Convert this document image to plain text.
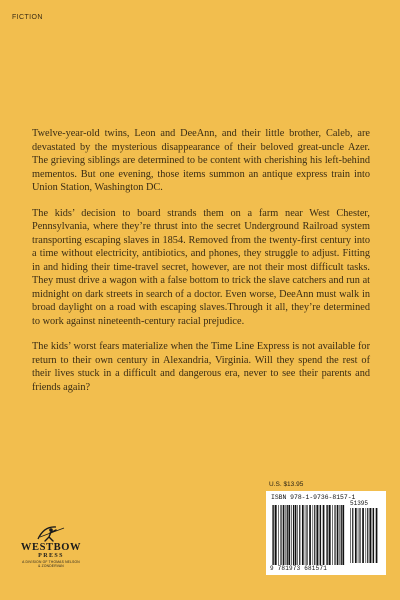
FICTION

Twelve-year-old twins, Leon and DeeAnn, and their little brother, Caleb, are devastated by the mysterious disappearance of their beloved great-uncle Azer. The grieving siblings are determined to be content with cherishing his left-behind mementos. But one evening, those items summon an antique express train into Union Station, Washington DC.

The kids’ decision to board strands them on a farm near West Chester, Pennsylvania, where they’re thrust into the secret Underground Railroad system transporting escaping slaves in 1854. Removed from the twenty-first century into a time without electricity, antibiotics, and phones, they struggle to adjust. Fitting in and hiding their time-travel secret, however, are not their most difficult tasks. They must drive a wagon with a false bottom to trick the slave catchers and run at midnight on dark streets in search of a doctor. Even worse, DeeAnn must walk in broad daylight on a road with escaping slaves.Through it all, they’re determined to work against nineteenth-century racial prejudice.

The kids’ worst fears materialize when the Time Line Express is not available for return to their own century in Alexandria, Virginia. Will they spend the rest of their lives stuck in a difficult and dangerous era, never to see their parents and friends again?

U.S. $13.95
ISBN 978-1-9736-8157-1
51395
9 781973 681571
WESTBOW
PRESS
A DIVISION OF THOMAS NELSON
& ZONDERVAN
